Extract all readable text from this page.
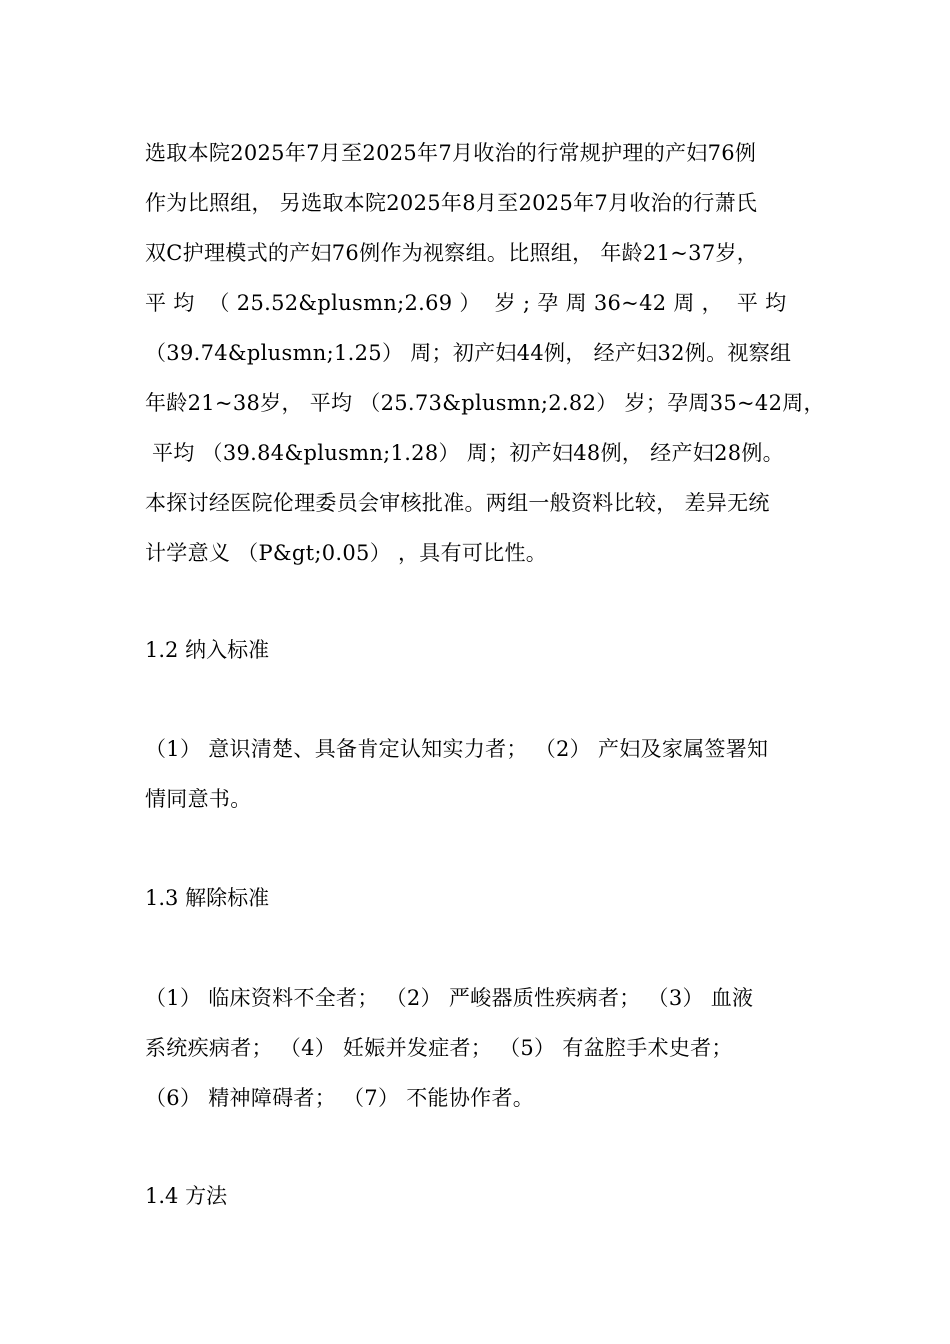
选取本院2025年7月至2025年7月收治的行常规护理的产妇76例
作为比照组， 另选取本院2025年8月至2025年7月收治的行萧氏
双C护理模式的产妇76例作为视察组。比照组， 年龄21~37岁，
平 均  （ 25.52&plusmn;2.69 ）  岁 ; 孕 周 36~42 周 ，  平 均
（39.74&plusmn;1.25） 周；初产妇44例， 经产妇32例。视察组
年龄21~38岁， 平均 （25.73&plusmn;2.82） 岁；孕周35~42周，
平均 （39.84&plusmn;1.28） 周；初产妇48例， 经产妇28例。
本探讨经医院伦理委员会审核批准。两组一般资料比较， 差异无统
计学意义 （P&gt;0.05） ，具有可比性。
1.2 纳入标准
（1） 意识清楚、具备肯定认知实力者； （2） 产妇及家属签署知
情同意书。
1.3 解除标准
（1） 临床资料不全者； （2） 严峻器质性疾病者； （3） 血液
系统疾病者； （4） 妊娠并发症者； （5） 有盆腔手术史者；
（6） 精神障碍者； （7） 不能协作者。
1.4 方法
